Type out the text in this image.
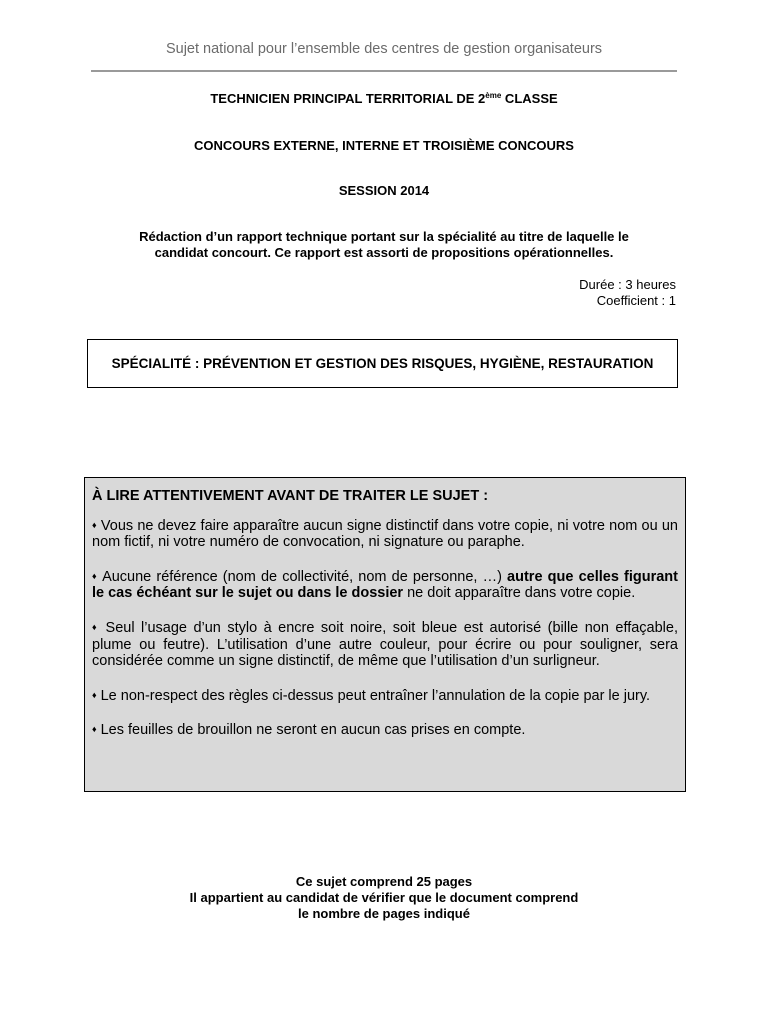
Sujet national pour l’ensemble des centres de gestion organisateurs
TECHNICIEN PRINCIPAL TERRITORIAL DE 2ème CLASSE
CONCOURS EXTERNE, INTERNE ET TROISIÈME CONCOURS
SESSION 2014
Rédaction d’un rapport technique portant sur la spécialité au titre de laquelle le
candidat concourt. Ce rapport est assorti de propositions opérationnelles.
Durée : 3 heures
Coefficient : 1
SPÉCIALITÉ : PRÉVENTION ET GESTION DES RISQUES, HYGIÈNE, RESTAURATION
À LIRE ATTENTIVEMENT AVANT DE TRAITER LE SUJET :
♦ Vous ne devez faire apparaître aucun signe distinctif dans votre copie, ni votre nom ou un nom fictif, ni votre numéro de convocation, ni signature ou paraphe.
♦ Aucune référence (nom de collectivité, nom de personne, …) autre que celles figurant le cas échéant sur le sujet ou dans le dossier ne doit apparaître dans votre copie.
♦ Seul l’usage d’un stylo à encre soit noire, soit bleue est autorisé (bille non effaçable, plume ou feutre). L’utilisation d’une autre couleur, pour écrire ou pour souligner, sera considérée comme un signe distinctif, de même que l’utilisation d’un surligneur.
♦ Le non-respect des règles ci-dessus peut entraîner l’annulation de la copie par le jury.
♦ Les feuilles de brouillon ne seront en aucun cas prises en compte.
Ce sujet comprend 25 pages
Il appartient au candidat de vérifier que le document comprend
le nombre de pages indiqué
